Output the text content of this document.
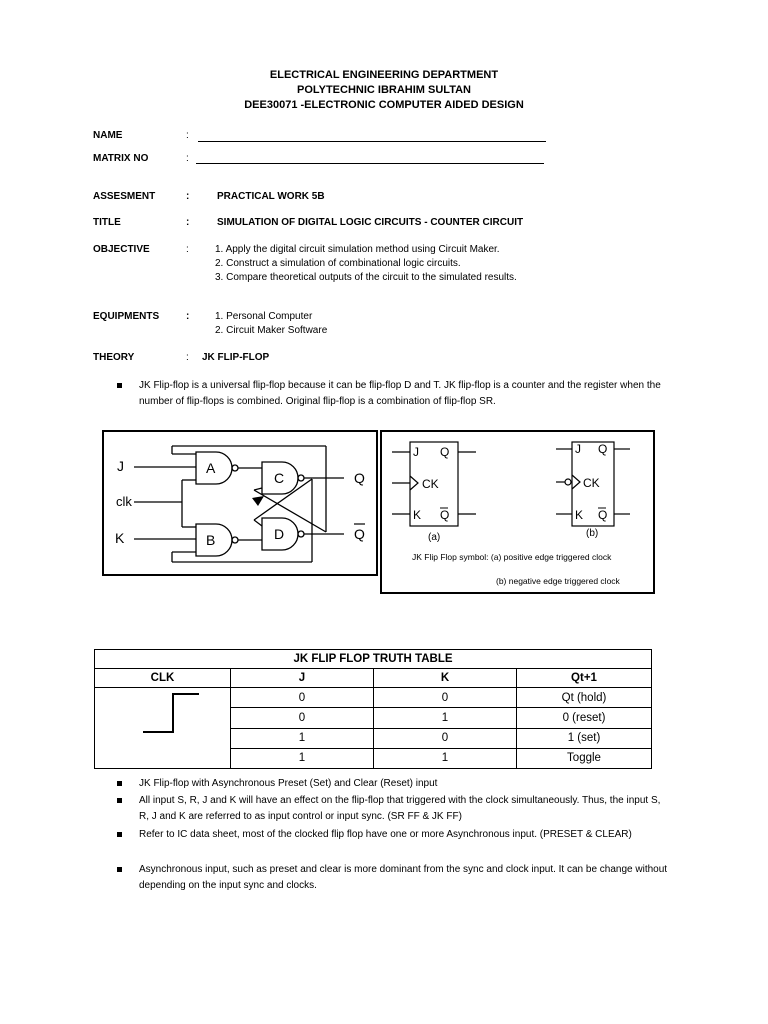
ELECTRICAL ENGINEERING DEPARTMENT
POLYTECHNIC IBRAHIM SULTAN
DEE30071 -ELECTRONIC COMPUTER AIDED DESIGN
NAME	:
MATRIX NO	:
ASSESMENT	:	PRACTICAL WORK 5B
TITLE	:	SIMULATION OF DIGITAL LOGIC CIRCUITS - COUNTER CIRCUIT
OBJECTIVE	:	1. Apply the digital circuit simulation method using Circuit Maker.
2. Construct a simulation of combinational logic circuits.
3. Compare theoretical outputs of the circuit to the simulated results.
EQUIPMENTS	:	1. Personal Computer
2. Circuit Maker Software
THEORY	: JK FLIP-FLOP
JK Flip-flop is a universal flip-flop because it can be flip-flop D and T. JK flip-flop is a counter and the register when the number of flip-flops is combined. Original flip-flop is a combination of flip-flop SR.
J
clk
K
A
B
C
D
Q
Q
J Q
CK
K Q
(a)
J Q
CK
K Q
(b)
JK Flip Flop symbol: (a) positive edge triggered clock
(b) negative edge triggered clock
JK FLIP FLOP TRUTH TABLE			
CLK	J	K	Qt+1

	0	0	Qt (hold)
	0	1	0 (reset)
	1	0	1 (set)
	1	1	Toggle
JK Flip-flop with Asynchronous Preset (Set) and Clear (Reset) input
All input S, R, J and K will have an effect on the flip-flop that triggered with the clock simultaneously. Thus, the input S, R, J and K are referred to as input control or input sync. (SR FF & JK FF)
Refer to IC data sheet, most of the clocked flip flop have one or more Asynchronous input. (PRESET & CLEAR)
Asynchronous input, such as preset and clear is more dominant from the sync and clock input. It can be change without depending on the input sync and clocks.
